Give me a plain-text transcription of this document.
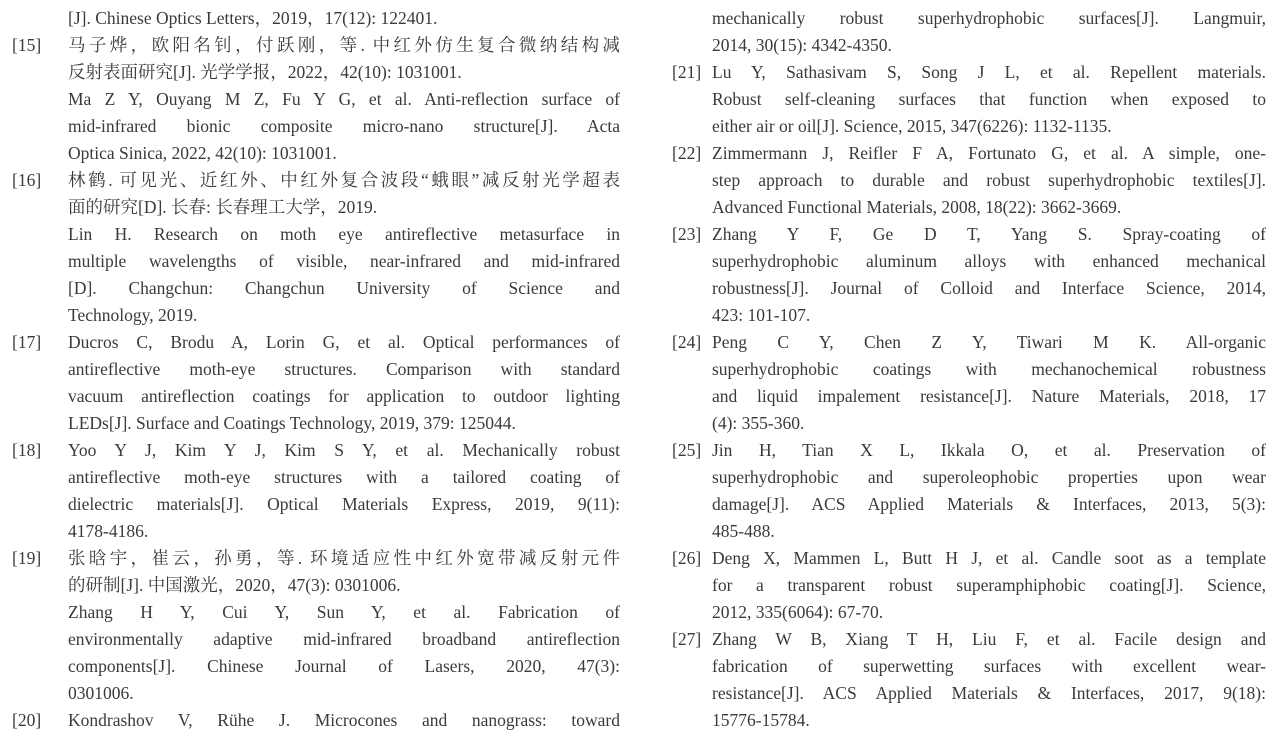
[J]. Chinese Optics Letters，2019，17(12): 122401.
[15]	马子烨，欧阳名钊，付跃刚，等. 中红外仿生复合微纳结构减
反射表面研究[J]. 光学学报，2022，42(10): 1031001.
Ma Z Y, Ouyang M Z, Fu Y G, et al. Anti-reflection surface of
mid-infrared bionic composite micro-nano structure[J]. Acta
Optica Sinica, 2022, 42(10): 1031001.
[16]	林鹤. 可见光、近红外、中红外复合波段“蛾眼”减反射光学超表
面的研究[D]. 长春: 长春理工大学，2019.
Lin H. Research on moth eye antireflective metasurface in
multiple wavelengths of visible, near-infrared and mid-infrared
[D]. Changchun: Changchun University of Science and
Technology, 2019.
[17]	Ducros C, Brodu A, Lorin G, et al. Optical performances of
antireflective moth-eye structures. Comparison with standard
vacuum antireflection coatings for application to outdoor lighting
LEDs[J]. Surface and Coatings Technology, 2019, 379: 125044.
[18]	Yoo Y J, Kim Y J, Kim S Y, et al. Mechanically robust
antireflective moth-eye structures with a tailored coating of
dielectric materials[J]. Optical Materials Express, 2019, 9(11):
4178-4186.
[19]	张晗宇，崔云，孙勇，等. 环境适应性中红外宽带减反射元件
的研制[J]. 中国激光，2020，47(3): 0301006.
Zhang H Y, Cui Y, Sun Y, et al. Fabrication of
environmentally adaptive mid-infrared broadband antireflection
components[J]. Chinese Journal of Lasers, 2020, 47(3):
0301006.
[20]	Kondrashov V, Rühe J. Microcones and nanograss: toward
mechanically robust superhydrophobic surfaces[J]. Langmuir,
2014, 30(15): 4342-4350.
[21] Lu Y, Sathasivam S, Song J L, et al. Repellent materials.
Robust self-cleaning surfaces that function when exposed to
either air or oil[J]. Science, 2015, 347(6226): 1132-1135.
[22] Zimmermann J, Reifler F A, Fortunato G, et al. A simple, one-
step approach to durable and robust superhydrophobic textiles[J].
Advanced Functional Materials, 2008, 18(22): 3662-3669.
[23] Zhang Y F, Ge D T, Yang S. Spray-coating of
superhydrophobic aluminum alloys with enhanced mechanical
robustness[J]. Journal of Colloid and Interface Science, 2014,
423: 101-107.
[24] Peng C Y, Chen Z Y, Tiwari M K. All-organic
superhydrophobic coatings with mechanochemical robustness
and liquid impalement resistance[J]. Nature Materials, 2018, 17
(4): 355-360.
[25] Jin H, Tian X L, Ikkala O, et al. Preservation of
superhydrophobic and superoleophobic properties upon wear
damage[J]. ACS Applied Materials & Interfaces, 2013, 5(3):
485-488.
[26] Deng X, Mammen L, Butt H J, et al. Candle soot as a template
for a transparent robust superamphiphobic coating[J]. Science,
2012, 335(6064): 67-70.
[27] Zhang W B, Xiang T H, Liu F, et al. Facile design and
fabrication of superwetting surfaces with excellent wear-
resistance[J]. ACS Applied Materials & Interfaces, 2017, 9(18):
15776-15784.
